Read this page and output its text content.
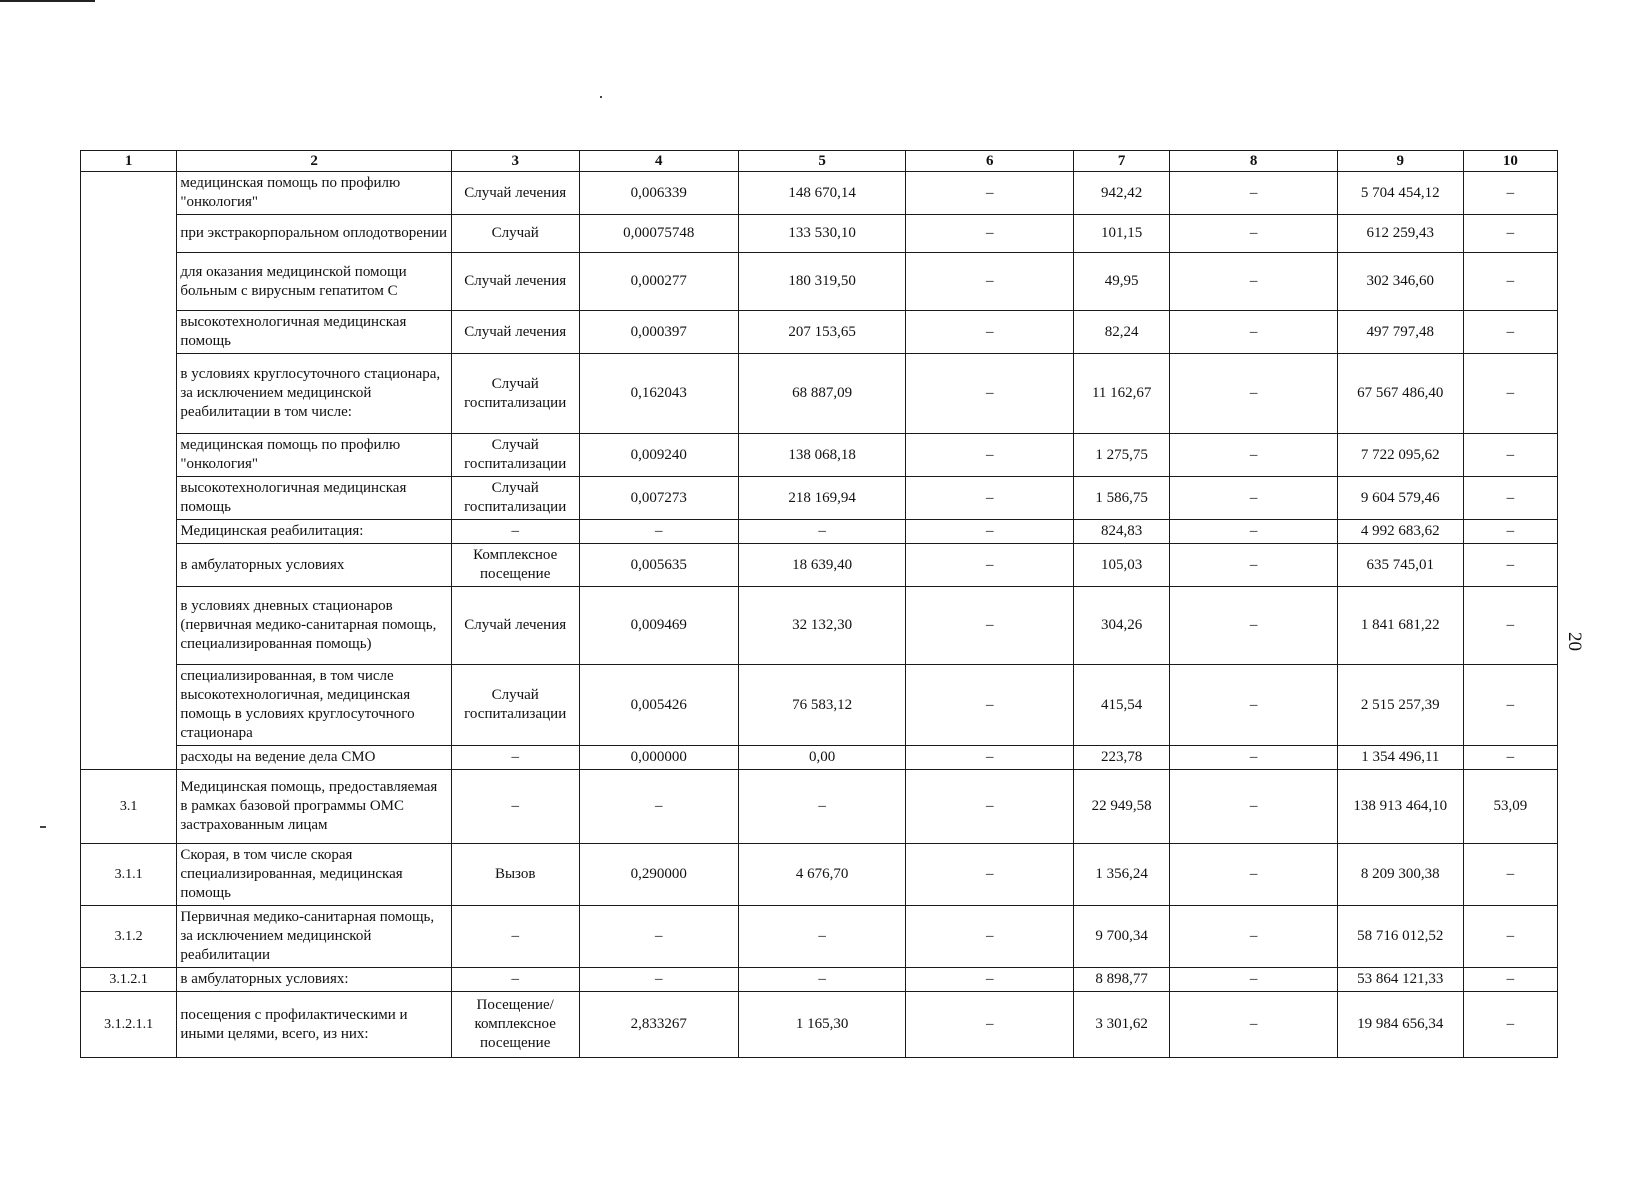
1	2	3	4	5	6	7	8	9	10
	медицинская помощь по профилю "онкология"	Случай лечения	0,006339	148 670,14	–	942,42	–	5 704 454,12	–
	при экстракорпоральном оплодотворении	Случай	0,00075748	133 530,10	–	101,15	–	612 259,43	–
	для оказания медицинской помощи больным с вирусным гепатитом С	Случай лечения	0,000277	180 319,50	–	49,95	–	302 346,60	–
	высокотехнологичная медицинская помощь	Случай лечения	0,000397	207 153,65	–	82,24	–	497 797,48	–
	в условиях круглосуточного стационара, за исключением медицинской реабилитации в том числе:	Случай госпитализации	0,162043	68 887,09	–	11 162,67	–	67 567 486,40	–
	медицинская помощь по профилю "онкология"	Случай госпитализации	0,009240	138 068,18	–	1 275,75	–	7 722 095,62	–
	высокотехнологичная медицинская помощь	Случай госпитализации	0,007273	218 169,94	–	1 586,75	–	9 604 579,46	–
	Медицинская реабилитация:	–	–	–	–	824,83	–	4 992 683,62	–
	в амбулаторных условиях	Комплексное посещение	0,005635	18 639,40	–	105,03	–	635 745,01	–
	в условиях дневных стационаров (первичная медико-санитарная помощь, специализированная помощь)	Случай лечения	0,009469	32 132,30	–	304,26	–	1 841 681,22	–
	специализированная, в том числе высокотехнологичная, медицинская помощь в условиях круглосуточного стационара	Случай госпитализации	0,005426	76 583,12	–	415,54	–	2 515 257,39	–
	расходы на ведение дела СМО	–	0,000000	0,00	–	223,78	–	1 354 496,11	–
3.1	Медицинская помощь, предоставляемая в рамках базовой программы ОМС застрахованным лицам	–	–	–	–	22 949,58	–	138 913 464,10	53,09
3.1.1	Скорая, в том числе скорая специализированная, медицинская помощь	Вызов	0,290000	4 676,70	–	1 356,24	–	8 209 300,38	–
3.1.2	Первичная медико-санитарная помощь, за исключением медицинской реабилитации	–	–	–	–	9 700,34	–	58 716 012,52	–
3.1.2.1	в амбулаторных условиях:	–	–	–	–	8 898,77	–	53 864 121,33	–
3.1.2.1.1	посещения с профилактическими и иными целями, всего, из них:	Посещение/ комплексное посещение	2,833267	1 165,30	–	3 301,62	–	19 984 656,34	–
20
